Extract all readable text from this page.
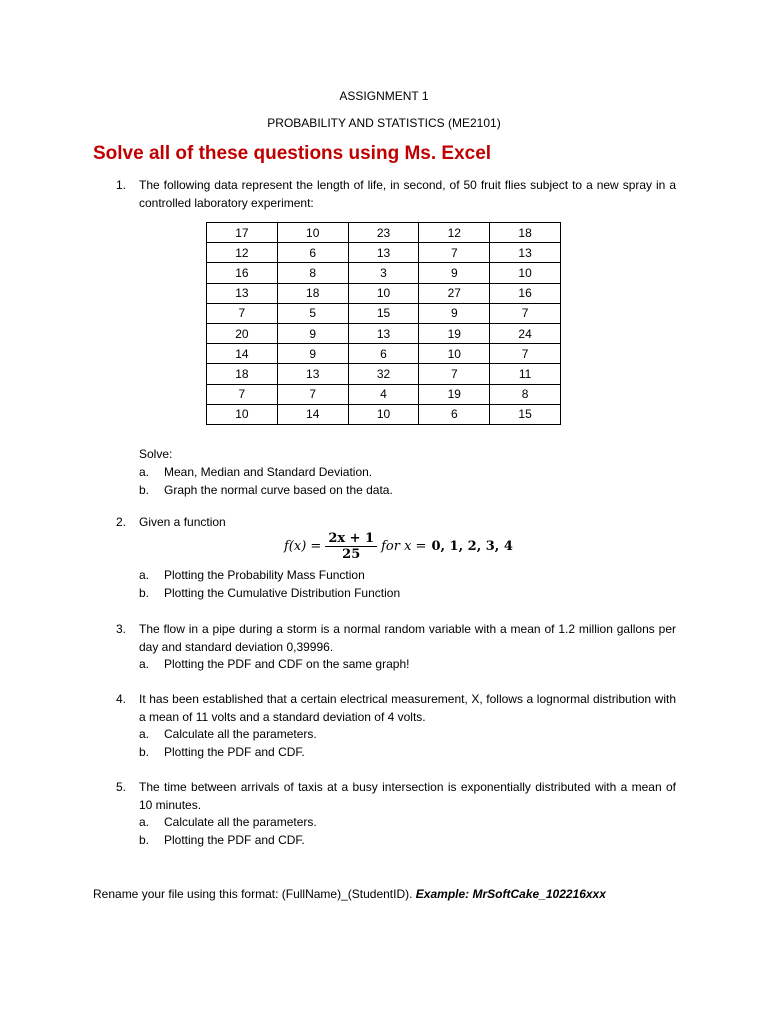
ASSIGNMENT 1
PROBABILITY AND STATISTICS (ME2101)
Solve all of these questions using Ms. Excel
1. The following data represent the length of life, in second, of 50 fruit flies subject to a new spray in a controlled laboratory experiment:
17	10	23	12	18
12	6	13	7	13
16	8	3	9	10
13	18	10	27	16
7	5	15	9	7
20	9	13	19	24
14	9	6	10	7
18	13	32	7	11
7	7	4	19	8
10	14	10	6	15
Solve:
a. Mean, Median and Standard Deviation.
b. Graph the normal curve based on the data.
2. Given a function
$f(x) = \frac{2x + 1}{25}$ for x = 0, 1, 2, 3, 4
a. Plotting the Probability Mass Function
b. Plotting the Cumulative Distribution Function
3. The flow in a pipe during a storm is a normal random variable with a mean of 1.2 million gallons per day and standard deviation 0,39996.
a. Plotting the PDF and CDF on the same graph!
4. It has been established that a certain electrical measurement, X, follows a lognormal distribution with a mean of 11 volts and a standard deviation of 4 volts.
a. Calculate all the parameters.
b. Plotting the PDF and CDF.
5. The time between arrivals of taxis at a busy intersection is exponentially distributed with a mean of 10 minutes.
a. Calculate all the parameters.
b. Plotting the PDF and CDF.
Rename your file using this format: (FullName)_(StudentID). Example: MrSoftCake_102216xxx
